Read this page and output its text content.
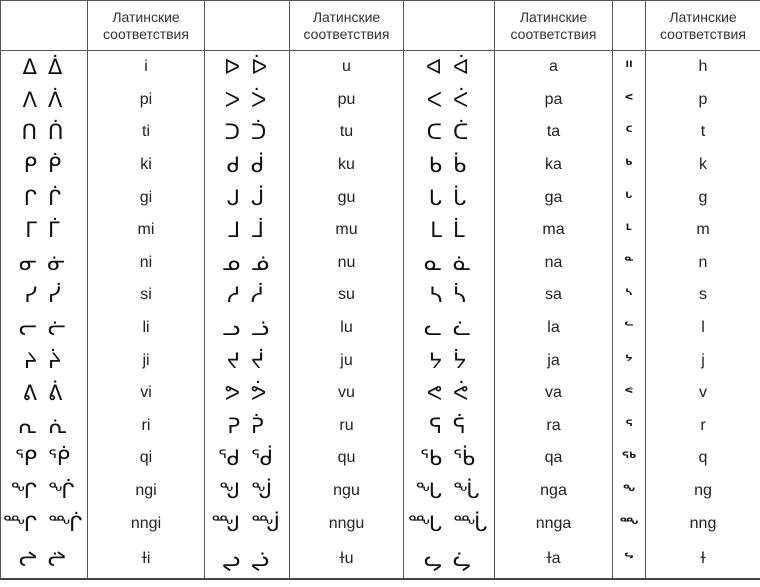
	Латинские
соответствия		Латинские
соответствия		Латинские
соответствия		Латинские
соответствия
ᐃ ᐄ	i	ᐅ ᐆ	u	ᐊ ᐋ	a	ᐦ	h
ᐱ ᐲ	pi	ᐳ ᐴ	pu	ᐸ ᐹ	pa	ᑉ	p
ᑎ ᑏ	ti	ᑐ ᑑ	tu	ᑕ ᑖ	ta	ᑦ	t
ᑭ ᑮ	ki	ᑯ ᑰ	ku	ᑲ ᑳ	ka	ᒃ	k
ᒋ ᒌ	gi	ᒍ ᒎ	gu	ᒐ ᒑ	ga	ᒡ	g
ᒥ ᒦ	mi	ᒧ ᒨ	mu	ᒪ ᒫ	ma	ᒻ	m
ᓂ ᓃ	ni	ᓄ ᓅ	nu	ᓇ ᓈ	na	ᓐ	n
ᓯ ᓰ	si	ᓱ ᓲ	su	ᓴ ᓵ	sa	ᔅ	s
ᓕ ᓖ	li	ᓗ ᓘ	lu	ᓚ ᓛ	la	ᓪ	l
ᔨ ᔩ	ji	ᔪ ᔫ	ju	ᔭ ᔮ	ja	ᔾ	j
ᕕ ᕖ	vi	ᕗ ᕘ	vu	ᕙ ᕚ	va	ᕝ	v
ᕆ ᕇ	ri	ᕈ ᕉ	ru	ᕋ ᕌ	ra	ᕐ	r
ᕿ ᖀ	qi	ᖁ ᖂ	qu	ᖃ ᖄ	qa	ᖅ	q
ᖏ ᖐ	ngi	ᖑ ᖒ	ngu	ᖓ ᖔ	nga	ᖕ	ng
ᙱ ᙲ	nngi	ᙳ ᙴ	nngu	ᙵ ᙶ	nnga	ᖖ	nng
ᖠ ᖡ	ɫi	ᖢ ᖣ	ɫu	ᖤ ᖥ	ɫa	ᖦ	ɫ
